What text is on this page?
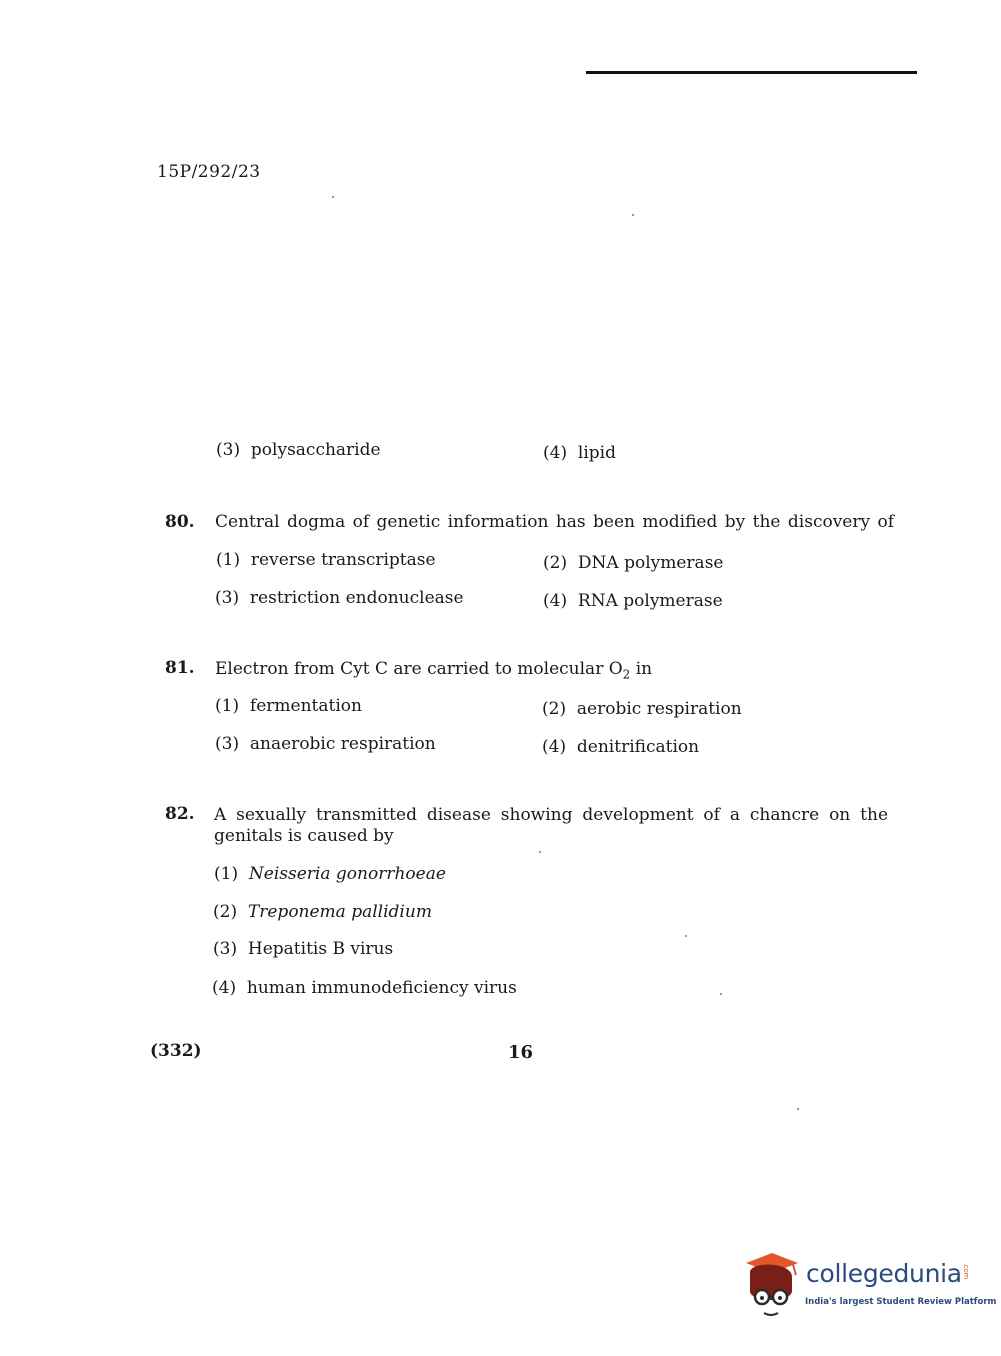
15P/292/23
(3) polysaccharide	(4) lipid
80. Central dogma of genetic information has been modified by the discovery of
(1) reverse transcriptase	(2) DNA polymerase
(3) restriction endonuclease	(4) RNA polymerase
81. Electron from Cyt C are carried to molecular $O_2$ in
(1) fermentation	(2) aerobic respiration
(3) anaerobic respiration	(4) denitrification
82. A sexually transmitted disease showing development of a chancre on the
genitals is caused by
(1) Neisseria gonorrhoeae
(2) Treponema pallidium
(3) Hepatitis B virus
(4) human immunodeficiency virus
(332)	16
collegedunia.com
India's largest Student Review Platform
